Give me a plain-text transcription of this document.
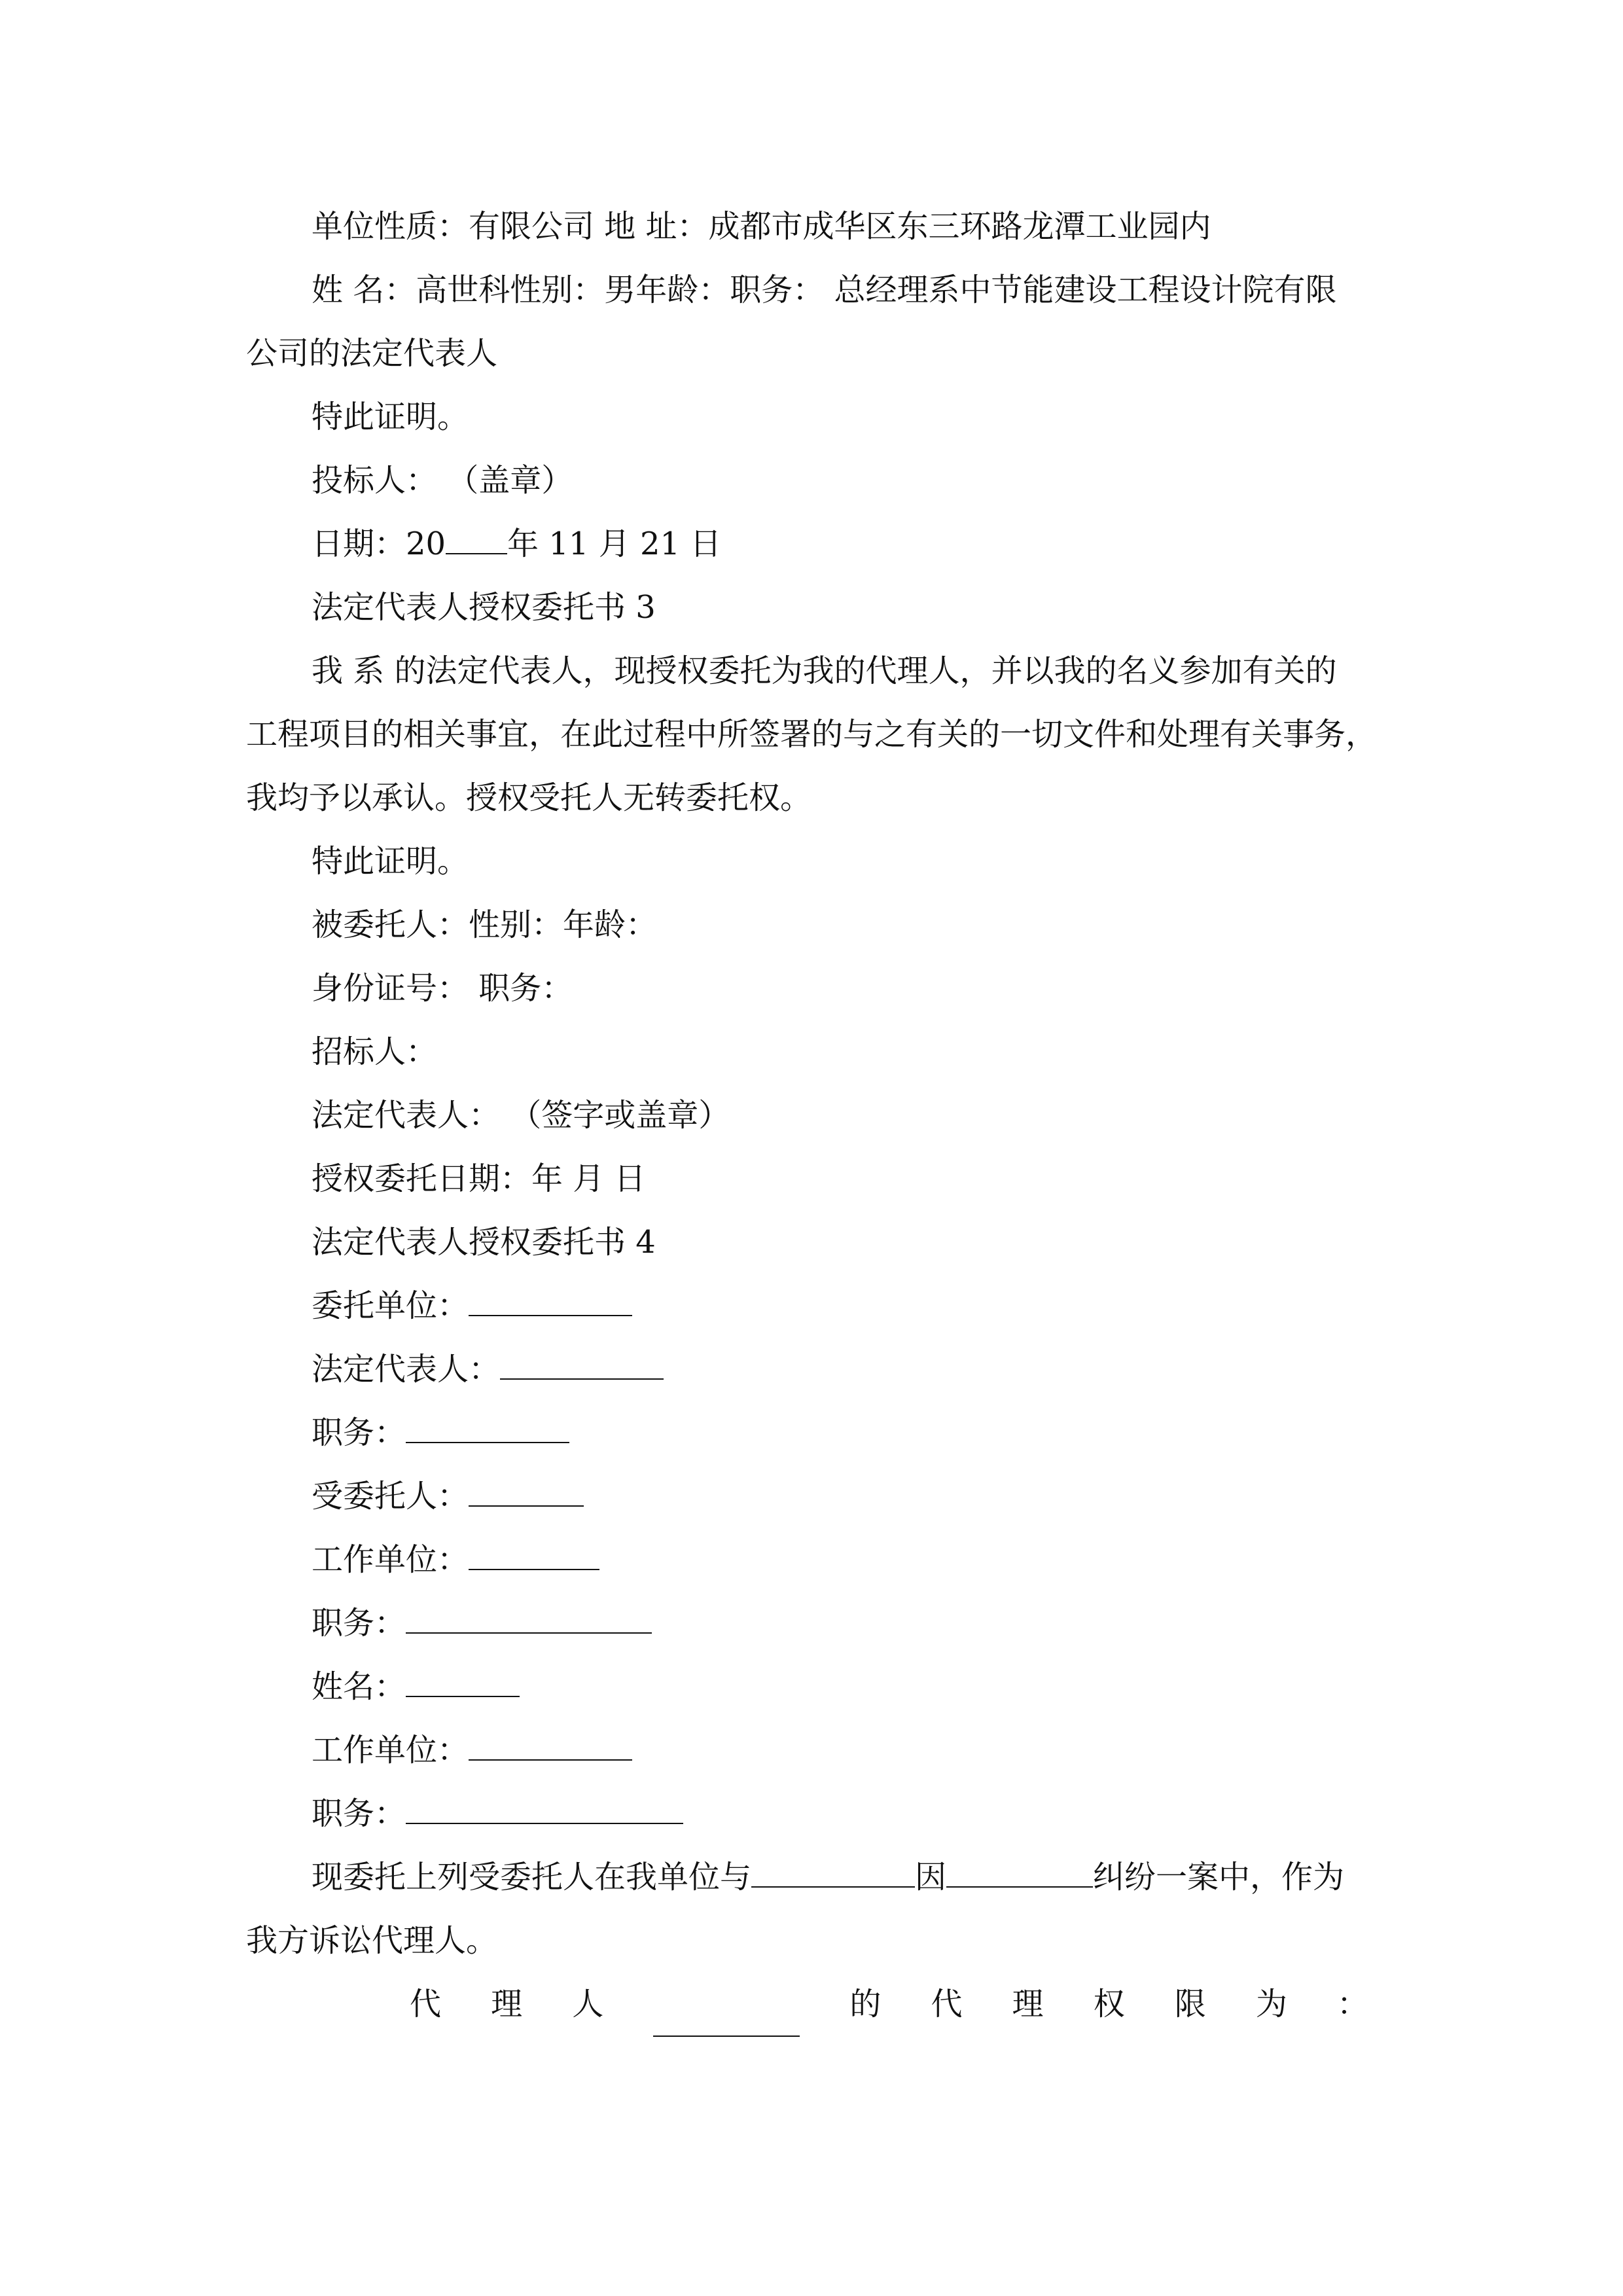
单位性质：有限公司 地 址：成都市成华区东三环路龙潭工业园内

姓 名：高世科性别：男年龄：职务： 总经理系中节能建设工程设计院有限

公司的法定代表人

特此证明。

投标人： （盖章）

日期：20 年 11 月 21 日

法定代表人授权委托书 3

我 系 的法定代表人，现授权委托为我的代理人，并以我的名义参加有关的

工程项目的相关事宜，在此过程中所签署的与之有关的一切文件和处理有关事务，

我均予以承认。授权受托人无转委托权。

特此证明。

被委托人：性别：年龄：

身份证号： 职务：

招标人：

法定代表人： （签字或盖章）

授权委托日期：年 月 日

法定代表人授权委托书 4

委托单位：

法定代表人：

职务：

受委托人：

工作单位：

职务：

姓名：

工作单位：

职务：

现委托上列受委托人在我单位与	因	纠纷一案中，作为

我方诉讼代理人。

代 理 人	的 代 理 权 限 为 ：
